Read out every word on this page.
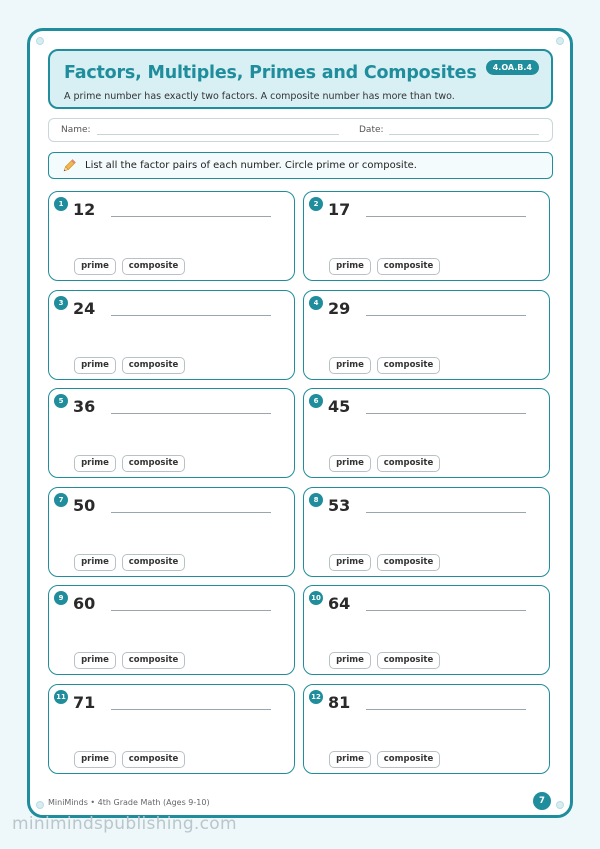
Factors, Multiples, Primes and Composites
A prime number has exactly two factors. A composite number has more than two.
4.OA.B.4
Name:	Date:
List all the factor pairs of each number. Circle prime or composite.
1 12
prime	composite
2 17
prime	composite
3 24
prime	composite
4 29
prime	composite
5 36
prime	composite
6 45
prime	composite
7 50
prime	composite
8 53
prime	composite
9 60
prime	composite
10 64
prime	composite
11 71
prime	composite
12 81
prime	composite
MiniMinds • 4th Grade Math (Ages 9-10)	7
minimindspublishing.com
